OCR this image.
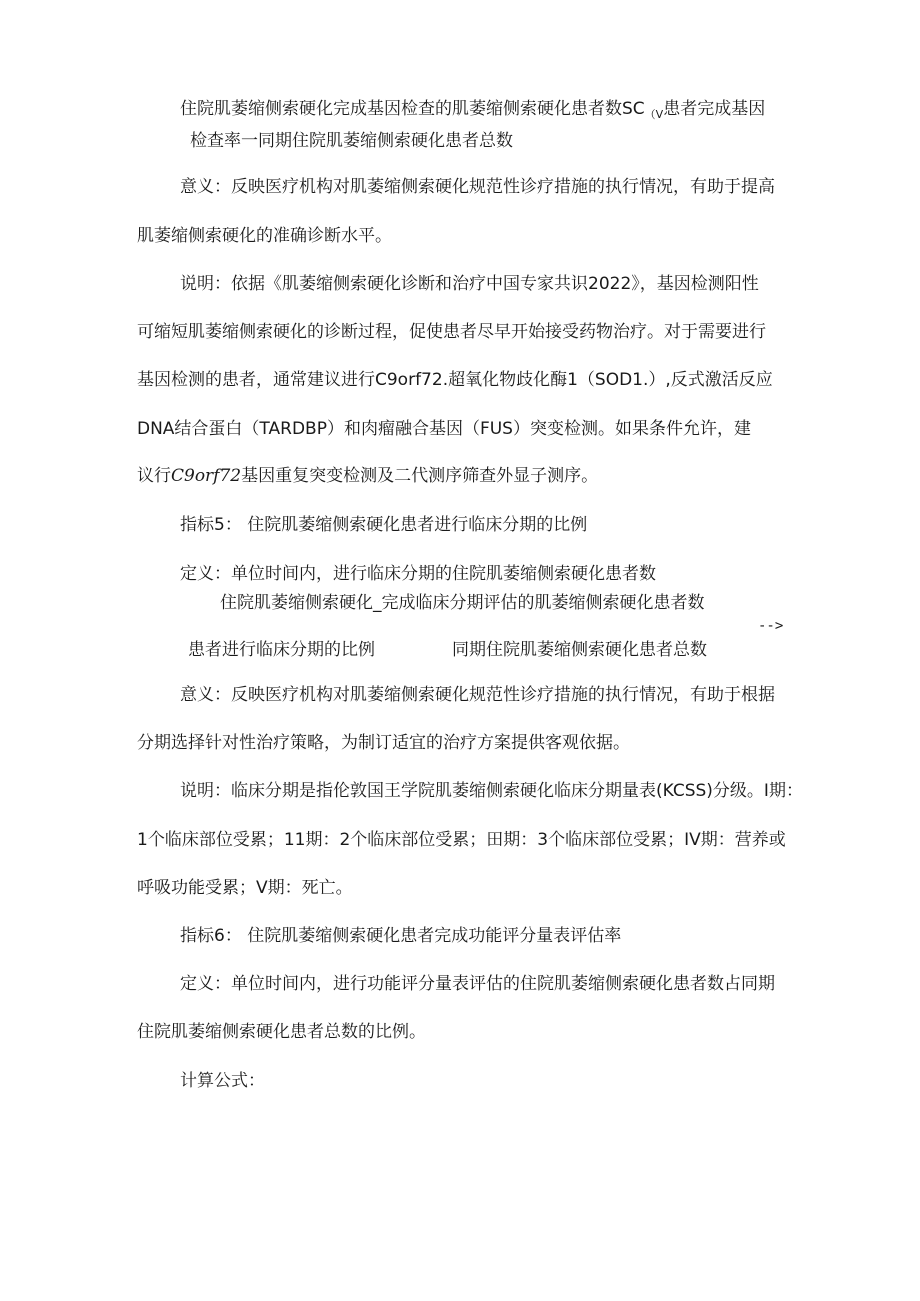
住院肌萎缩侧索硬化完成基因检查的肌萎缩侧索硬化患者数$SC_{(V}$患者完成基因
检查率一同期住院肌萎缩侧索硬化患者总数
意义：反映医疗机构对肌萎缩侧索硬化规范性诊疗措施的执行情况，有助于提高
肌萎缩侧索硬化的准确诊断水平。
说明：依据《肌萎缩侧索硬化诊断和治疗中国专家共识2022》，基因检测阳性
可缩短肌萎缩侧索硬化的诊断过程，促使患者尽早开始接受药物治疗。对于需要进行
基因检测的患者，通常建议进行C9orf72.超氧化物歧化酶1（SOD1.）,反式激活反应
DNA结合蛋白（TARDBP）和肉瘤融合基因（FUS）突变检测。如果条件允许，建
议行C9orf72基因重复突变检测及二代测序筛查外显子测序。
指标5： 住院肌萎缩侧索硬化患者进行临床分期的比例
定义：单位时间内，进行临床分期的住院肌萎缩侧索硬化患者数
住院肌萎缩侧索硬化_完成临床分期评估的肌萎缩侧索硬化患者数
-->
患者进行临床分期的比例	同期住院肌萎缩侧索硬化患者总数
意义：反映医疗机构对肌萎缩侧索硬化规范性诊疗措施的执行情况，有助于根据
分期选择针对性治疗策略，为制订适宜的治疗方案提供客观依据。
说明：临床分期是指伦敦国王学院肌萎缩侧索硬化临床分期量表(KCSS)分级。I期：
1个临床部位受累；11期：2个临床部位受累；田期：3个临床部位受累；IV期：营养或
呼吸功能受累；V期：死亡。
指标6： 住院肌萎缩侧索硬化患者完成功能评分量表评估率
定义：单位时间内，进行功能评分量表评估的住院肌萎缩侧索硬化患者数占同期
住院肌萎缩侧索硬化患者总数的比例。
计算公式：
